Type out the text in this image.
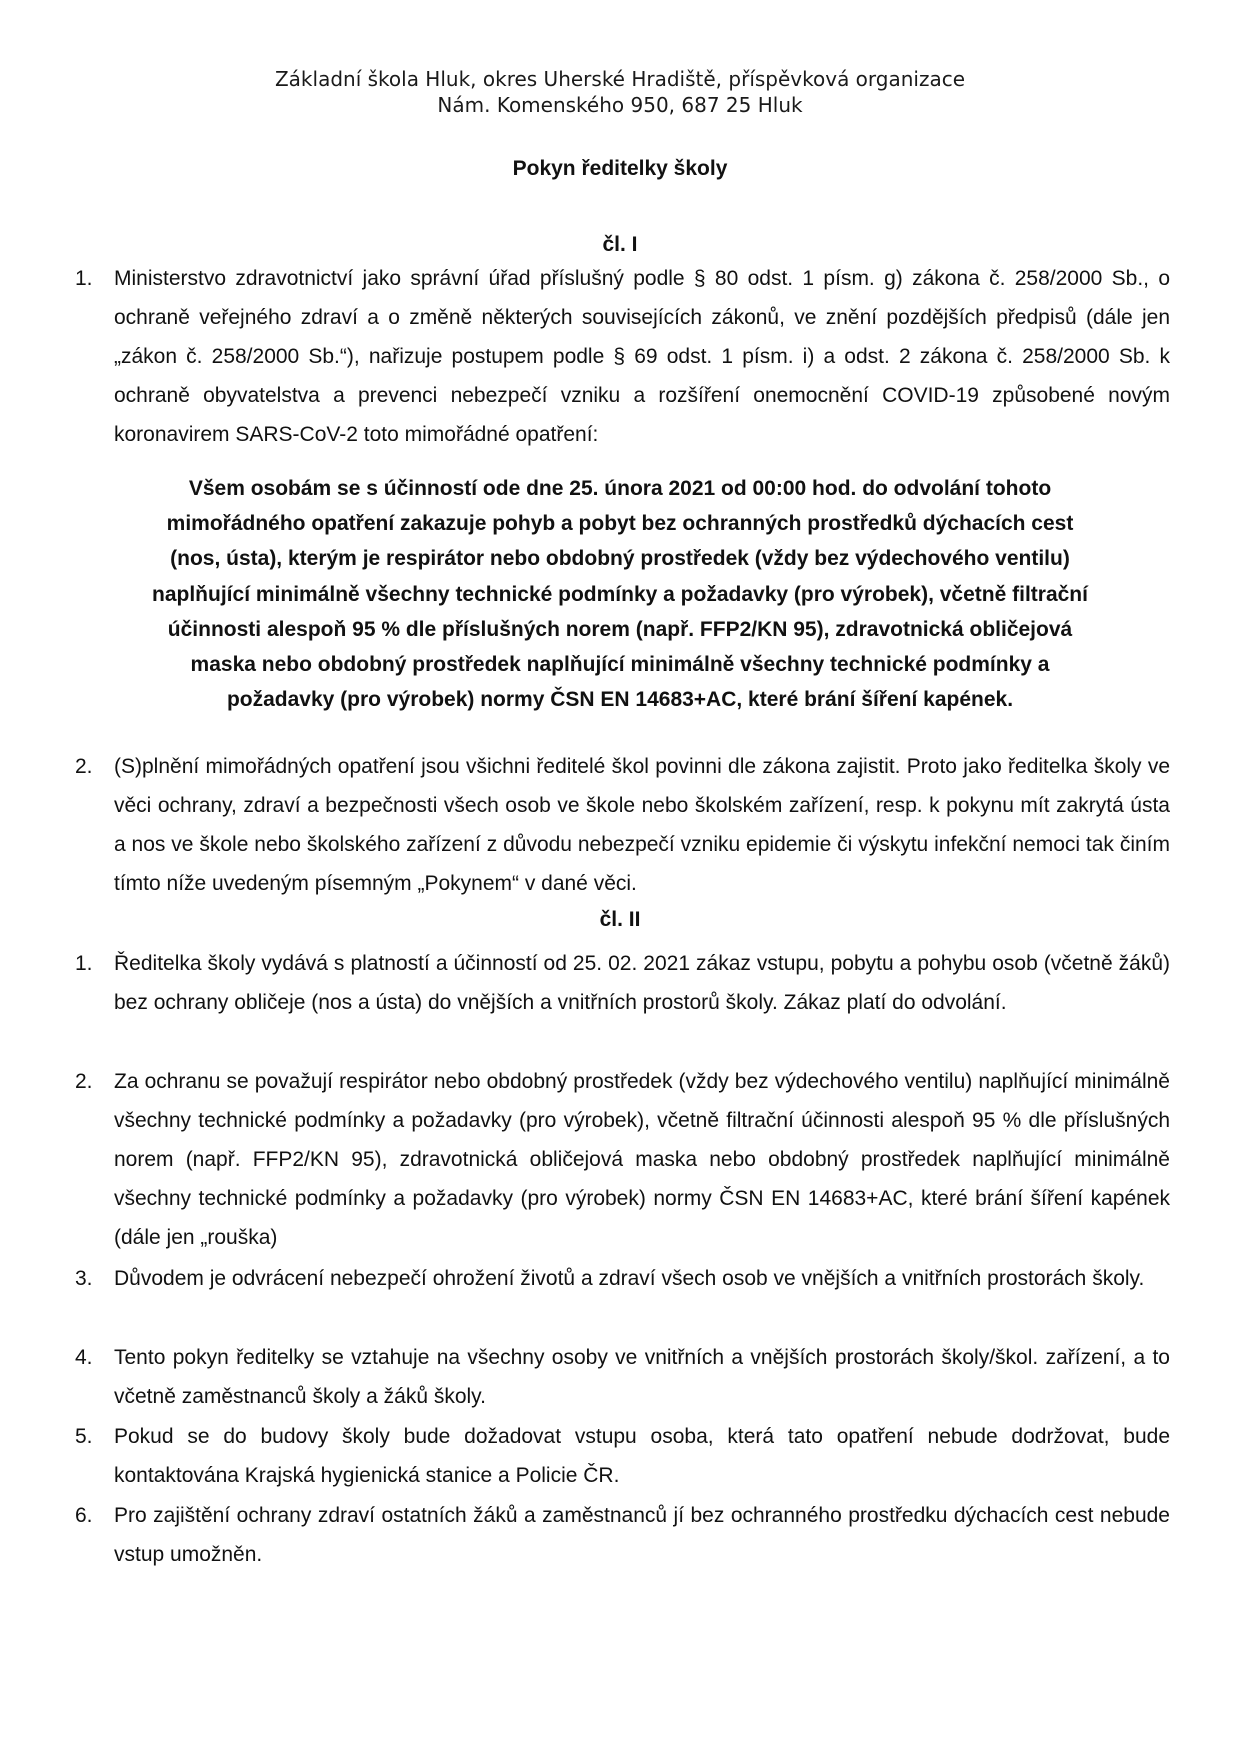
Základní škola Hluk, okres Uherské Hradiště, příspěvková organizace
Nám. Komenského 950, 687 25 Hluk
Pokyn ředitelky školy
čl. I
1.	Ministerstvo zdravotnictví jako správní úřad příslušný podle § 80 odst. 1 písm. g) zákona č. 258/2000 Sb., o ochraně veřejného zdraví a o změně některých souvisejících zákonů, ve znění pozdějších předpisů (dále jen „zákon č. 258/2000 Sb.“), nařizuje postupem podle § 69 odst. 1 písm. i) a odst. 2 zákona č. 258/2000 Sb. k ochraně obyvatelstva a prevenci nebezpečí vzniku a rozšíření onemocnění COVID-19 způsobené novým koronavirem SARS-CoV-2 toto mimořádné opatření:
Všem osobám se s účinností ode dne 25. února 2021 od 00:00 hod. do odvolání tohoto mimořádného opatření zakazuje pohyb a pobyt bez ochranných prostředků dýchacích cest (nos, ústa), kterým je respirátor nebo obdobný prostředek (vždy bez výdechového ventilu) naplňující minimálně všechny technické podmínky a požadavky (pro výrobek), včetně filtrační účinnosti alespoň 95 % dle příslušných norem (např. FFP2/KN 95), zdravotnická obličejová maska nebo obdobný prostředek naplňující minimálně všechny technické podmínky a požadavky (pro výrobek) normy ČSN EN 14683+AC, které brání šíření kapének.
2.	(S)plnění mimořádných opatření jsou všichni ředitelé škol povinni dle zákona zajistit. Proto jako ředitelka školy ve věci ochrany, zdraví a bezpečnosti všech osob ve škole nebo školském zařízení, resp. k pokynu mít zakrytá ústa a nos ve škole nebo školského zařízení z důvodu nebezpečí vzniku epidemie či výskytu infekční nemoci tak činím tímto níže uvedeným písemným „Pokynem“ v dané věci.
čl. II
1.	Ředitelka školy vydává s platností a účinností od 25. 02. 2021 zákaz vstupu, pobytu a pohybu osob (včetně žáků) bez ochrany obličeje (nos a ústa) do vnějších a vnitřních prostorů školy. Zákaz platí do odvolání.
2.	Za ochranu se považují respirátor nebo obdobný prostředek (vždy bez výdechového ventilu) naplňující minimálně všechny technické podmínky a požadavky (pro výrobek), včetně filtrační účinnosti alespoň 95 % dle příslušných norem (např. FFP2/KN 95), zdravotnická obličejová maska nebo obdobný prostředek naplňující minimálně všechny technické podmínky a požadavky (pro výrobek) normy ČSN EN 14683+AC, které brání šíření kapének (dále jen „rouška)
3.	Důvodem je odvrácení nebezpečí ohrožení životů a zdraví všech osob ve vnějších a vnitřních prostorách školy.
4.	Tento pokyn ředitelky se vztahuje na všechny osoby ve vnitřních a vnějších prostorách školy/škol. zařízení, a to včetně zaměstnanců školy a žáků školy.
5.	Pokud se do budovy školy bude dožadovat vstupu osoba, která tato opatření nebude dodržovat, bude kontaktována Krajská hygienická stanice a Policie ČR.
6.	Pro zajištění ochrany zdraví ostatních žáků a zaměstnanců jí bez ochranného prostředku dýchacích cest nebude vstup umožněn.
